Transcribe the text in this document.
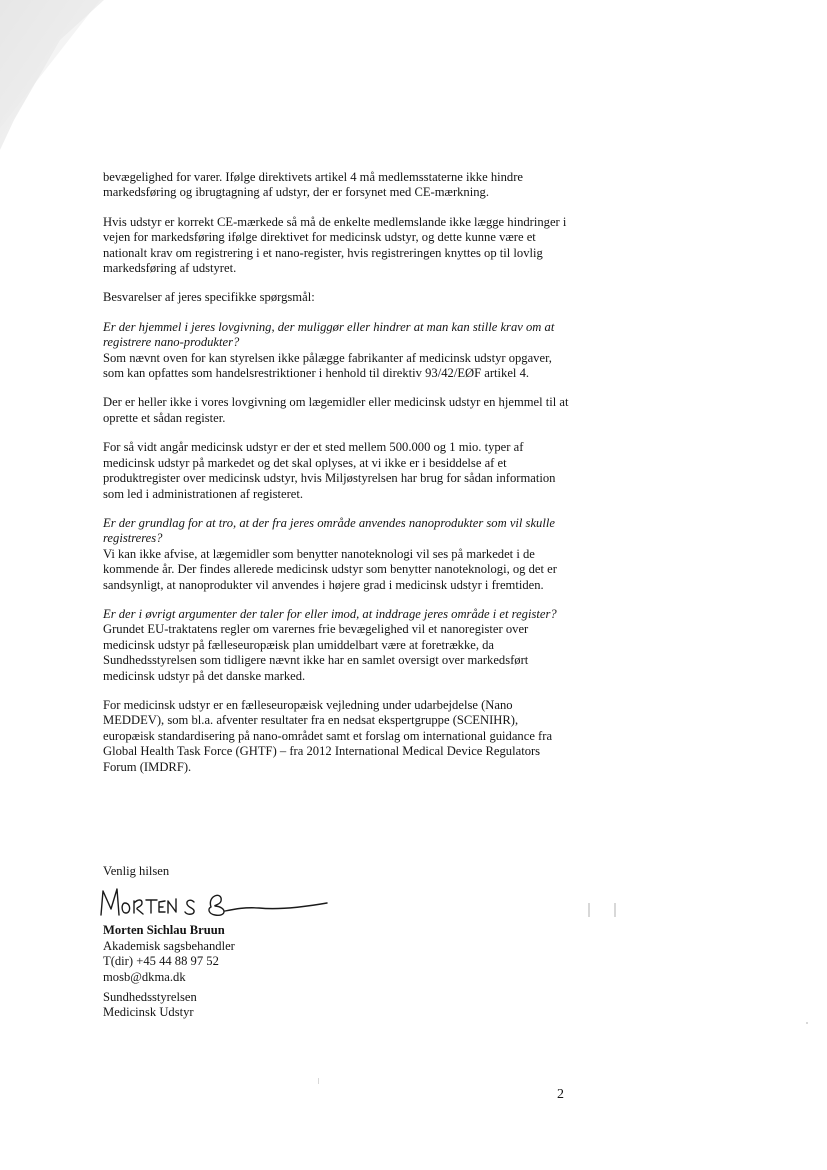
bevægelighed for varer. Ifølge direktivets artikel 4 må medlemsstaterne ikke hindre markedsføring og ibrugtagning af udstyr, der er forsynet med CE-mærkning.

Hvis udstyr er korrekt CE-mærkede så må de enkelte medlemslande ikke lægge hindringer i vejen for markedsføring ifølge direktivet for medicinsk udstyr, og dette kunne være et nationalt krav om registrering i et nano-register, hvis registreringen knyttes op til lovlig markedsføring af udstyret.

Besvarelser af jeres specifikke spørgsmål:

Er der hjemmel i jeres lovgivning, der muliggør eller hindrer at man kan stille krav om at registrere nano-produkter?
Som nævnt oven for kan styrelsen ikke pålægge fabrikanter af medicinsk udstyr opgaver, som kan opfattes som handelsrestriktioner i henhold til direktiv 93/42/EØF artikel 4.

Der er heller ikke i vores lovgivning om lægemidler eller medicinsk udstyr en hjemmel til at oprette et sådan register.

For så vidt angår medicinsk udstyr er der et sted mellem 500.000 og 1 mio. typer af medicinsk udstyr på markedet og det skal oplyses, at vi ikke er i besiddelse af et produktregister over medicinsk udstyr, hvis Miljøstyrelsen har brug for sådan information som led i administrationen af registeret.

Er der grundlag for at tro, at der fra jeres område anvendes nanoprodukter som vil skulle registreres?
Vi kan ikke afvise, at lægemidler som benytter nanoteknologi vil ses på markedet i de kommende år. Der findes allerede medicinsk udstyr som benytter nanoteknologi, og det er sandsynligt, at nanoprodukter vil anvendes i højere grad i medicinsk udstyr i fremtiden.

Er der i øvrigt argumenter der taler for eller imod, at inddrage jeres område i et register?
Grundet EU-traktatens regler om varernes frie bevægelighed vil et nanoregister over medicinsk udstyr på fælleseuropæisk plan umiddelbart være at foretrække, da Sundhedsstyrelsen som tidligere nævnt ikke har en samlet oversigt over markedsført medicinsk udstyr på det danske marked.

For medicinsk udstyr er en fælleseuropæisk vejledning under udarbejdelse (Nano MEDDEV), som bl.a. afventer resultater fra en nedsat ekspertgruppe (SCENIHR), europæisk standardisering på nano-området samt et forslag om international guidance fra Global Health Task Force (GHTF) – fra 2012 International Medical Device Regulators Forum (IMDRF).

Venlig hilsen
Morten Sichlau Bruun
Akademisk sagsbehandler
T(dir) +45 44 88 97 52
mosb@dkma.dk
Sundhedsstyrelsen
Medicinsk Udstyr
2
